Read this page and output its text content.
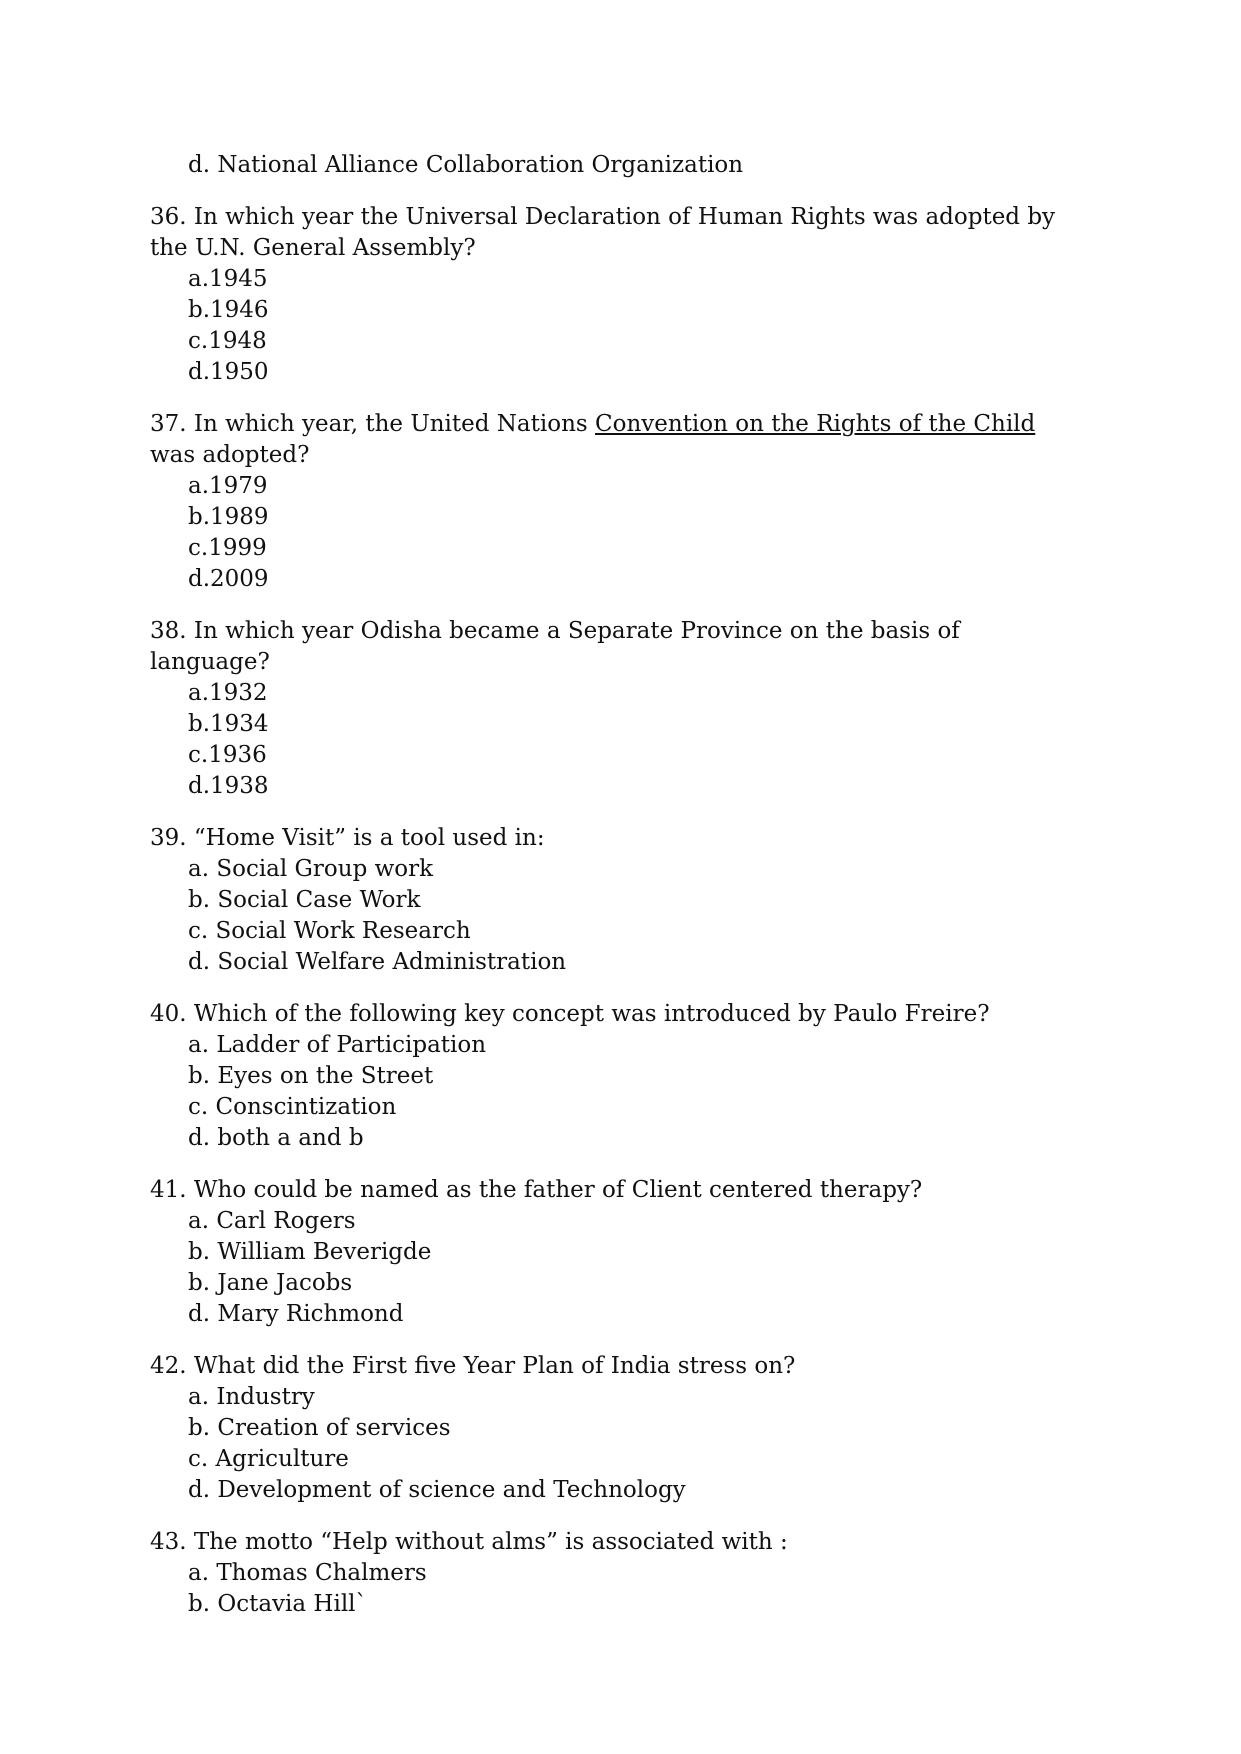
d. National Alliance Collaboration Organization

36. In which year the Universal Declaration of Human Rights was adopted by the U.N. General Assembly?

a.1945
b.1946
c.1948
d.1950

37. In which year, the United Nations Convention on the Rights of the Child was adopted?

a.1979
b.1989
c.1999
d.2009

38. In which year Odisha became a Separate Province on the basis of language?

a.1932
b.1934
c.1936
d.1938

39. “Home Visit” is a tool used in:

a. Social Group work
b. Social Case Work
c. Social Work Research
d. Social Welfare Administration

40. Which of the following key concept was introduced by Paulo Freire?

a. Ladder of Participation
b. Eyes on the Street
c. Conscintization
d. both a and b

41. Who could be named as the father of Client centered therapy?

a. Carl Rogers
b. William Beverigde
b. Jane Jacobs
d. Mary Richmond

42. What did the First five Year Plan of India stress on?

a. Industry
b. Creation of services
c. Agriculture
d. Development of science and Technology

43. The motto “Help without alms” is associated with :

a. Thomas Chalmers
b. Octavia Hill`
